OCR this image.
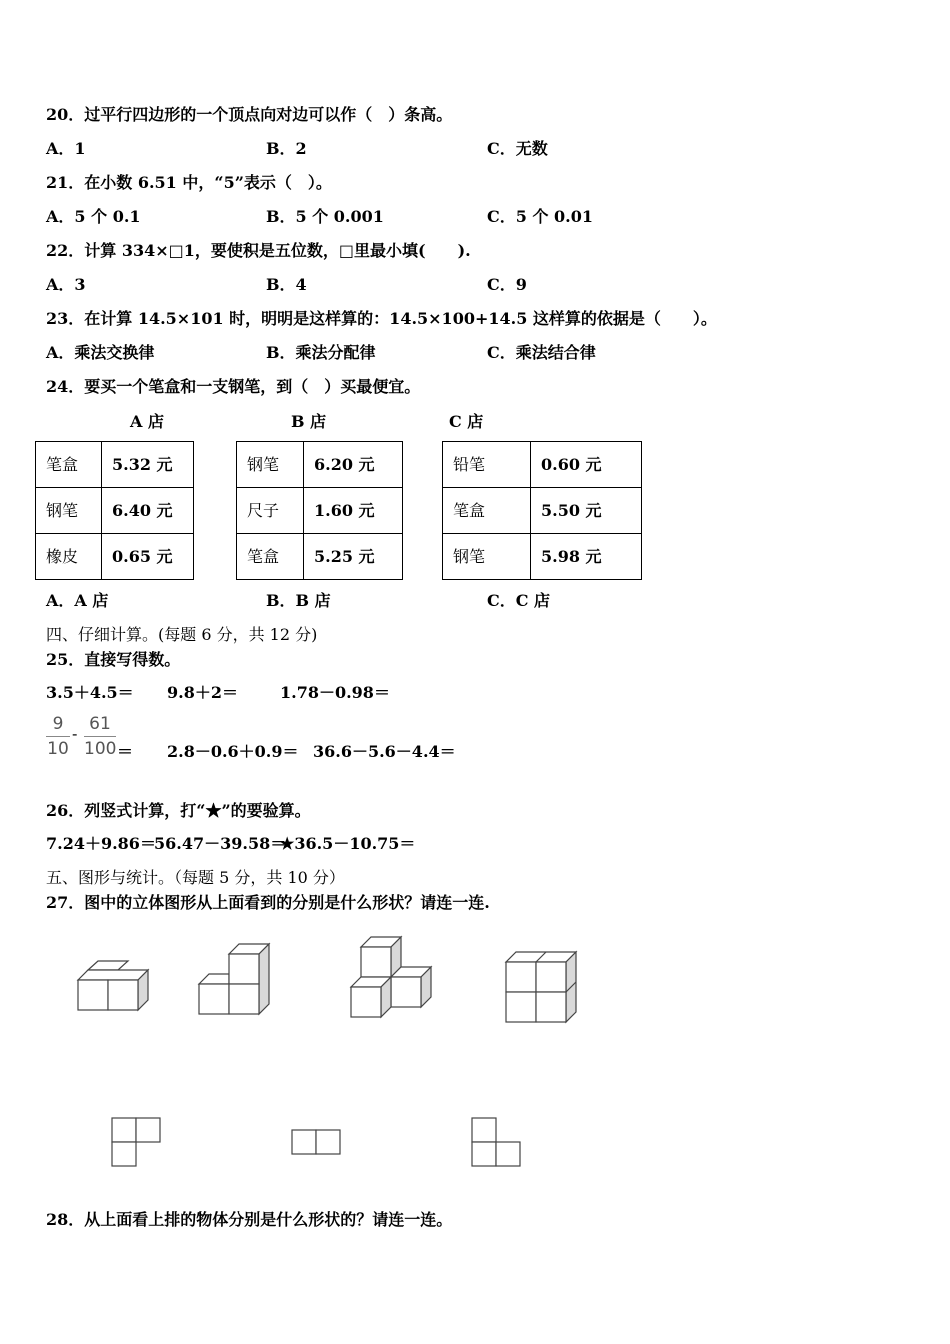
20．过平行四边形的一个顶点向对边可以作（　）条高。
A．1	B．2	C．无数
21．在小数 6.51 中，“5”表示（　）。
A．5 个 0.1	B．5 个 0.001	C．5 个 0.01
22．计算 334×□1，要使积是五位数，□里最小填(　　).
A．3	B．4	C．9
23．在计算 14.5×101 时，明明是这样算的：14.5×100+14.5 这样算的依据是（　　）。
A．乘法交换律	B．乘法分配律	C．乘法结合律
24．要买一个笔盒和一支钢笔，到（　）买最便宜。
A 店	B 店	C 店
笔盒	5.32 元
钢笔	6.40 元
橡皮	0.65 元
钢笔	6.20 元
尺子	1.60 元
笔盒	5.25 元
铅笔	0.60 元
笔盒	5.50 元
钢笔	5.98 元
A．A 店	B．B 店	C．C 店
四、仔细计算。(每题 6 分，共 12 分)
25．直接写得数。
3.5＋4.5＝ 9.8＋2＝	1.78－0.98＝
$\frac{9}{10} - \frac{61}{100} = 2.8-0.6+0.9= 36.6-5.6-4.4=$
26．列竖式计算，打“★”的要验算。
7.24＋9.86＝
56.47－39.58＝
★36.5－10.75＝
五、图形与统计。（每题 5 分，共 10 分）
27．图中的立体图形从上面看到的分别是什么形状？请连一连.
28．从上面看上排的物体分别是什么形状的？请连一连。
